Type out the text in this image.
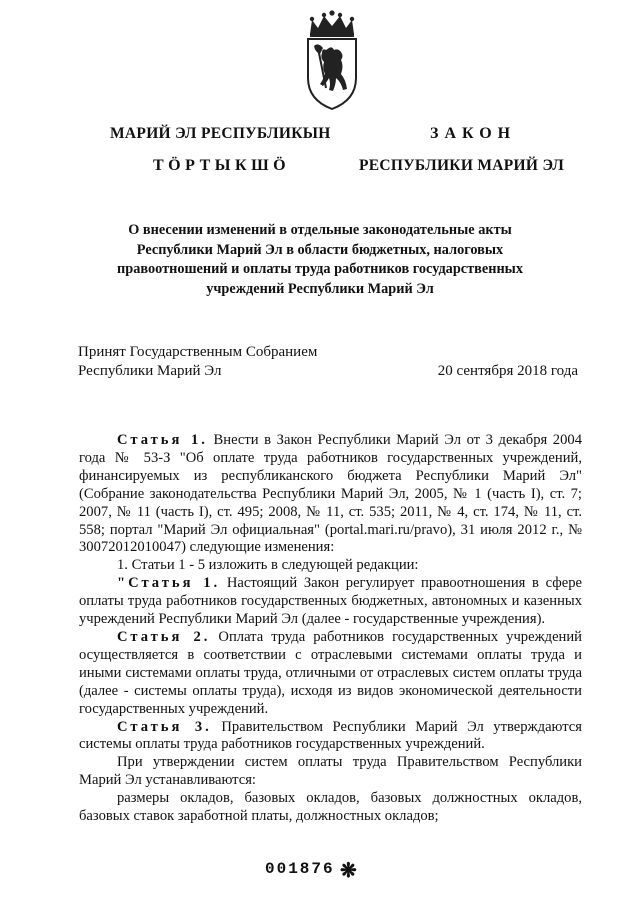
МАРИЙ ЭЛ РЕСПУБЛИКЫН
ТӦРТЫКШӦ
ЗАКОН
РЕСПУБЛИКИ МАРИЙ ЭЛ
О внесении изменений в отдельные законодательные акты
Республики Марий Эл в области бюджетных, налоговых
правоотношений и оплаты труда работников государственных
учреждений Республики Марий Эл
Принят Государственным Собранием
Республики Марий Эл	20 сентября 2018 года

Статья 1. Внести в Закон Республики Марий Эл от 3 декабря 2004 года № 53-З "Об оплате труда работников государственных учреждений, финансируемых из республиканского бюджета Республики Марий Эл" (Собрание законодательства Республики Марий Эл, 2005, № 1 (часть I), ст. 7; 2007, № 11 (часть I), ст. 495; 2008, № 11, ст. 535; 2011, № 4, ст. 174, № 11, ст. 558; портал "Марий Эл официальная" (portal.mari.ru/pravo), 31 июля 2012 г., № 30072012010047) следующие изменения:

1. Статьи 1 - 5 изложить в следующей редакции:

"Статья 1. Настоящий Закон регулирует правоотношения в сфере оплаты труда работников государственных бюджетных, автономных и казенных учреждений Республики Марий Эл (далее - государственные учреждения).

Статья 2. Оплата труда работников государственных учреждений осуществляется в соответствии с отраслевыми системами оплаты труда и иными системами оплаты труда, отличными от отраслевых систем оплаты труда (далее - системы оплаты труда), исходя из видов экономической деятельности государственных учреждений.

Статья 3. Правительством Республики Марий Эл утверждаются системы оплаты труда работников государственных учреждений.

При утверждении систем оплаты труда Правительством Республики Марий Эл устанавливаются:

размеры окладов, базовых окладов, базовых должностных окладов, базовых ставок заработной платы, должностных окладов;

001876 ❋
